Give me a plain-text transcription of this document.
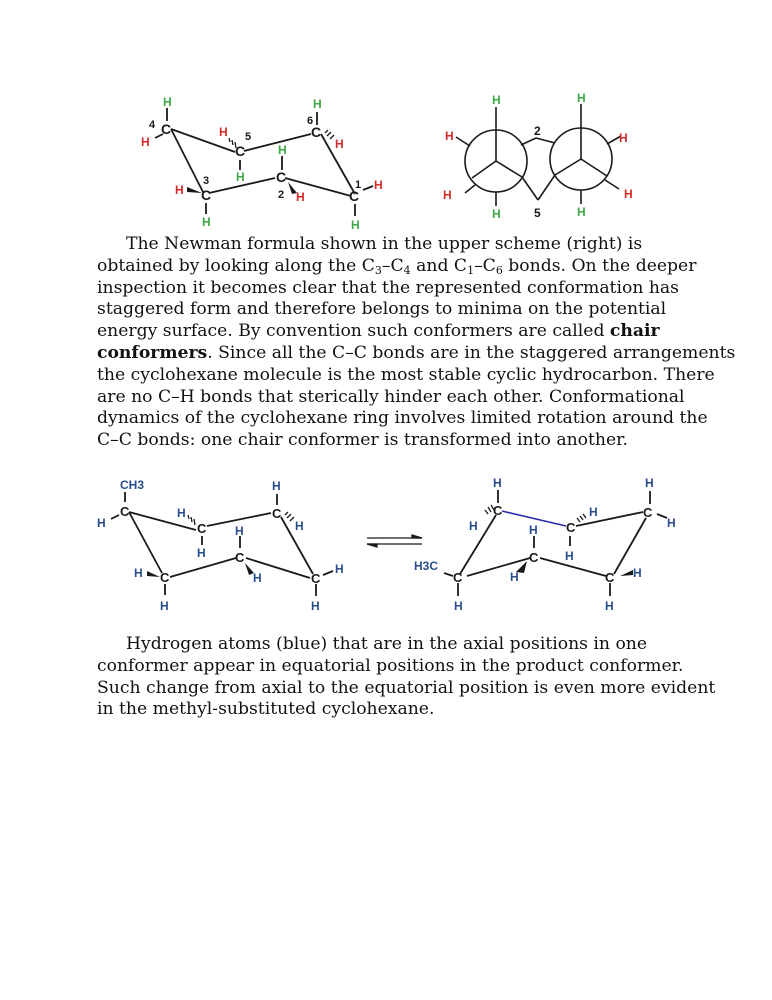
C
C
C
C
C
C
4
5
6
3
2
1
H
H
H
H
H
H
H
H
H
H
H
H
H
H
H
H
H
H
H
H
2
5

The Newman formula shown in the upper scheme (right) is
obtained by looking along the $C_3-C_4$ and $C_1-C_6$ bonds. On the deeper
inspection it becomes clear that the represented conformation has
staggered form and therefore belongs to minima on the potential
energy surface. By convention such conformers are called chair
conformers. Since all the C–C bonds are in the staggered arrangements
the cyclohexane molecule is the most stable cyclic hydrocarbon. There
are no C–H bonds that sterically hinder each other. Conformational
dynamics of the cyclohexane ring involves limited rotation around the
C–C bonds: one chair conformer is transformed into another.

C
C
C
C
C
C
CH3
H
H
H
H
H
H
H
H
H
H
H
C
C
C
C
C
C
H3C
H
H	H
H
H
H
H
H
H	H
H

Hydrogen atoms (blue) that are in the axial positions in one
conformer appear in equatorial positions in the product conformer.
Such change from axial to the equatorial position is even more evident
in the methyl-substituted cyclohexane.
